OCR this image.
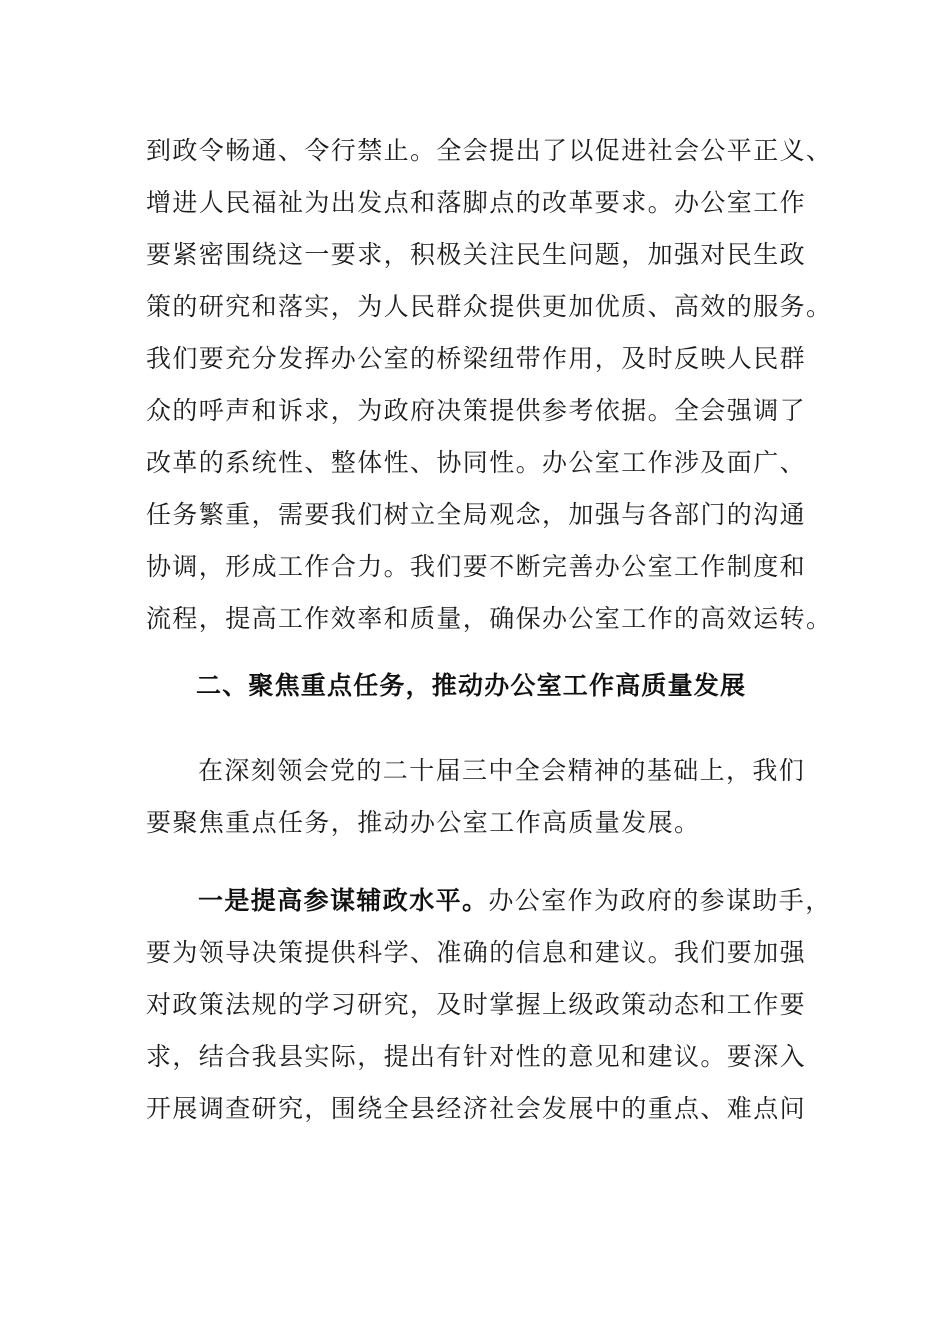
到政令畅通、令行禁止。全会提出了以促进社会公平正义、
增进人民福祉为出发点和落脚点的改革要求。办公室工作
要紧密围绕这一要求，积极关注民生问题，加强对民生政
策的研究和落实，为人民群众提供更加优质、高效的服务。
我们要充分发挥办公室的桥梁纽带作用，及时反映人民群
众的呼声和诉求，为政府决策提供参考依据。全会强调了
改革的系统性、整体性、协同性。办公室工作涉及面广、
任务繁重，需要我们树立全局观念，加强与各部门的沟通
协调，形成工作合力。我们要不断完善办公室工作制度和
流程，提高工作效率和质量，确保办公室工作的高效运转。
二、聚焦重点任务，推动办公室工作高质量发展
在深刻领会党的二十届三中全会精神的基础上，我们
要聚焦重点任务，推动办公室工作高质量发展。
一是提高参谋辅政水平。办公室作为政府的参谋助手，
要为领导决策提供科学、准确的信息和建议。我们要加强
对政策法规的学习研究，及时掌握上级政策动态和工作要
求，结合我县实际，提出有针对性的意见和建议。要深入
开展调查研究，围绕全县经济社会发展中的重点、难点问
